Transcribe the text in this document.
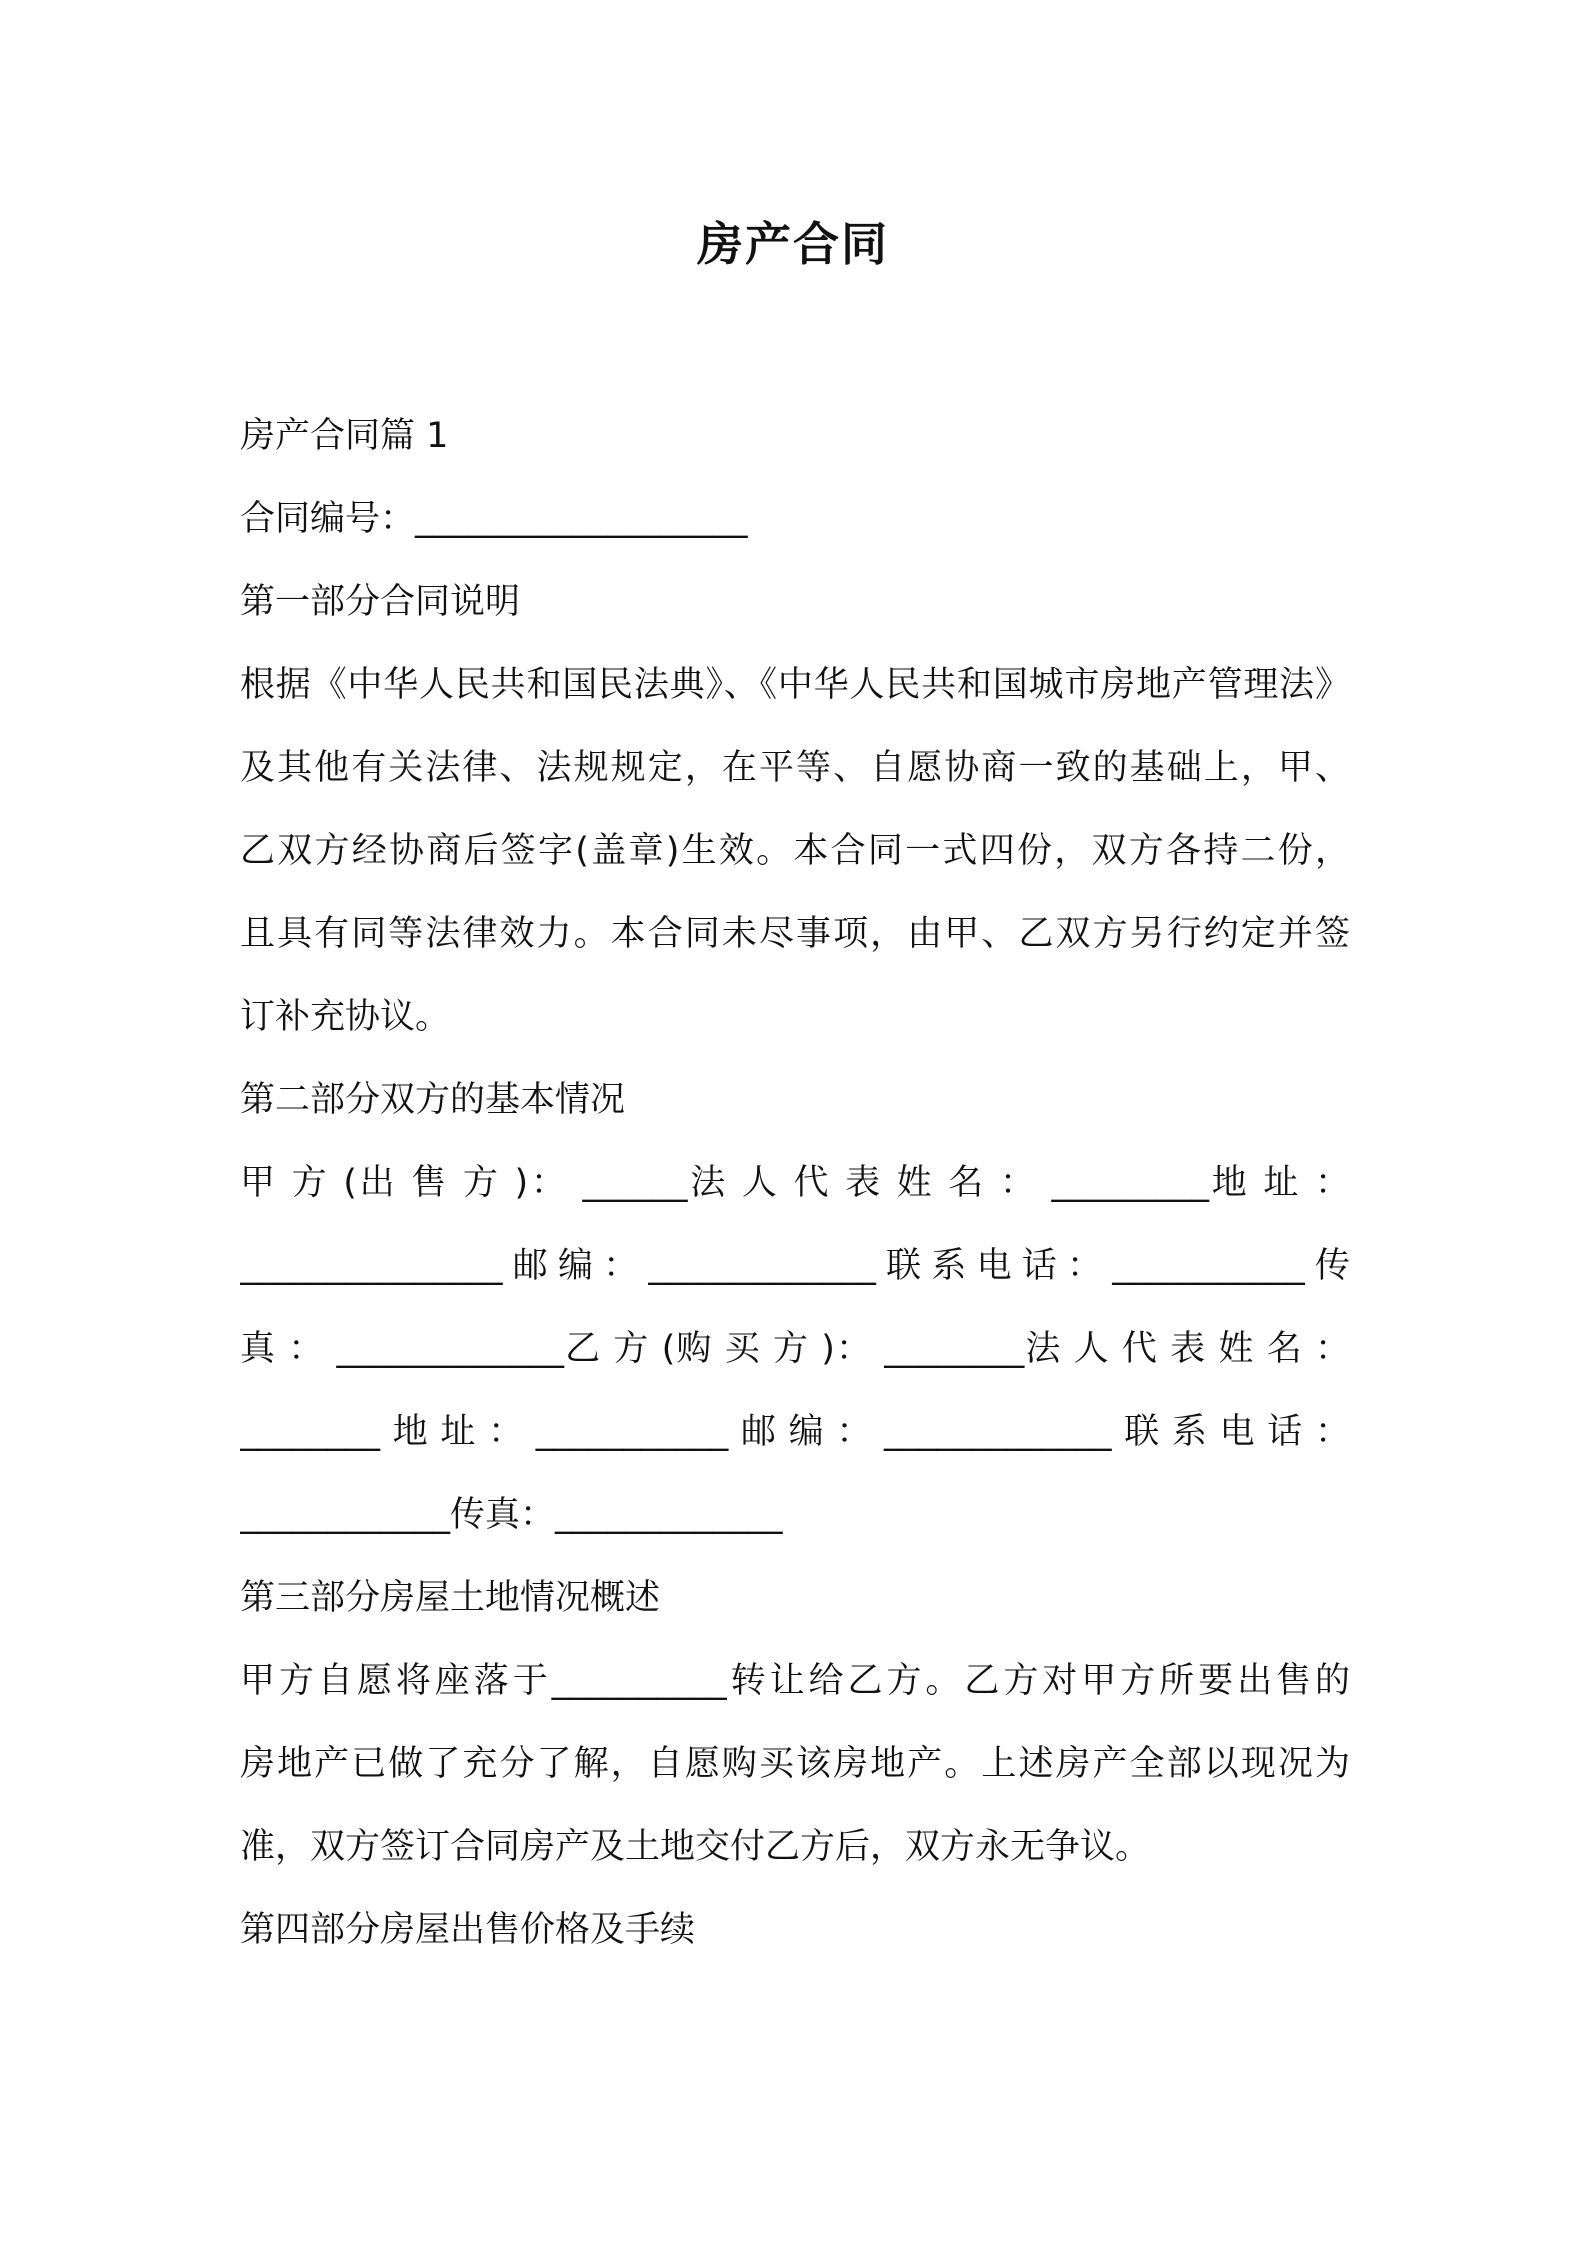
房产合同
房产合同篇 1
合同编号：___________________
第一部分合同说明
根据《中华人民共和国民法典》、《中华人民共和国城市房地产管理法》
及其他有关法律、法规规定，在平等、自愿协商一致的基础上，甲、
乙双方经协商后签字(盖章)生效。本合同一式四份，双方各持二份，
且具有同等法律效力。本合同未尽事项，由甲、乙双方另行约定并签
订补充协议。
第二部分双方的基本情况
甲 方 (出 售 方 )： ______法 人 代 表 姓 名 ： _________地 址 ：
_______________邮编：_____________联系电话：___________传
真 ： _____________乙 方 (购 买 方 )： ________法 人 代 表 姓 名 ：
________地址：___________邮编：_____________联系电话：
____________传真：_____________
第三部分房屋土地情况概述
甲方自愿将座落于__________转让给乙方。乙方对甲方所要出售的
房地产已做了充分了解，自愿购买该房地产。上述房产全部以现况为
准，双方签订合同房产及土地交付乙方后，双方永无争议。
第四部分房屋出售价格及手续
